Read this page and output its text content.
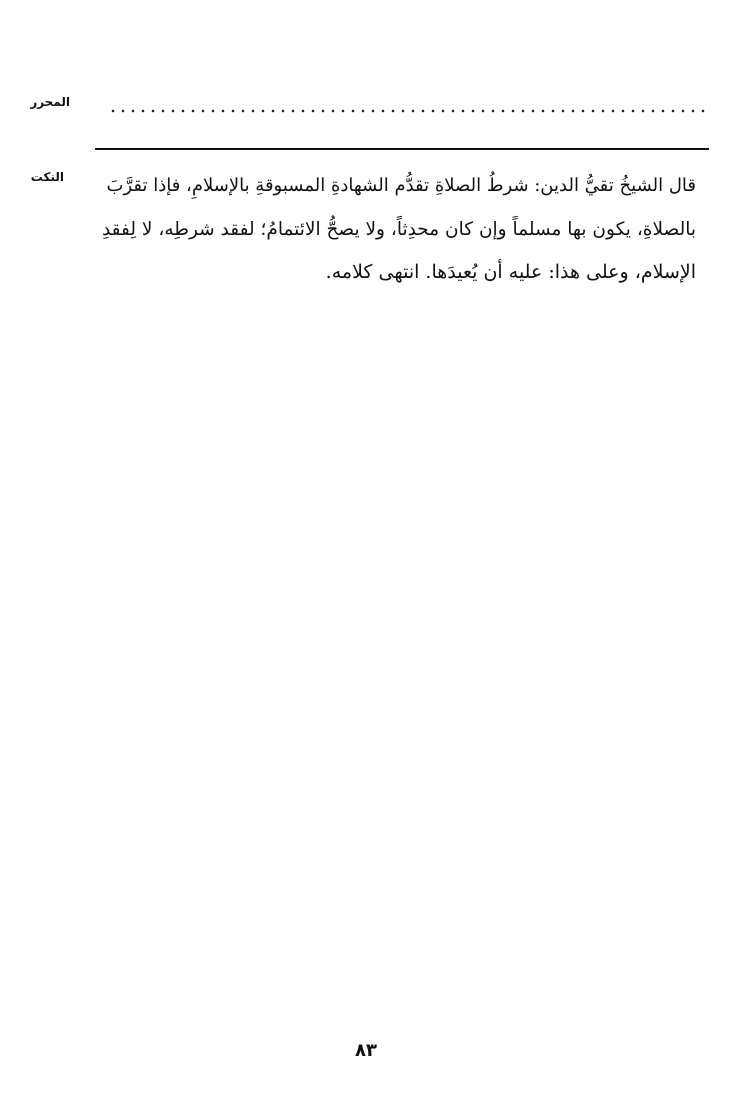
المحرر
النكت	قال الشيخُ تقيُّ الدين: شرطُ الصلاةِ تقدُّم الشهادةِ المسبوقةِ بالإسلامِ، فإذا تقرَّبَ
بالصلاةِ، يكون بها مسلماً وإن كان محدِثاً، ولا يصحُّ الائتمامُ؛ لفقد شرطِه، لا لِفقدِ
الإسلام، وعلى هذا: عليه أن يُعيدَها. انتهى كلامه.
٨٣
